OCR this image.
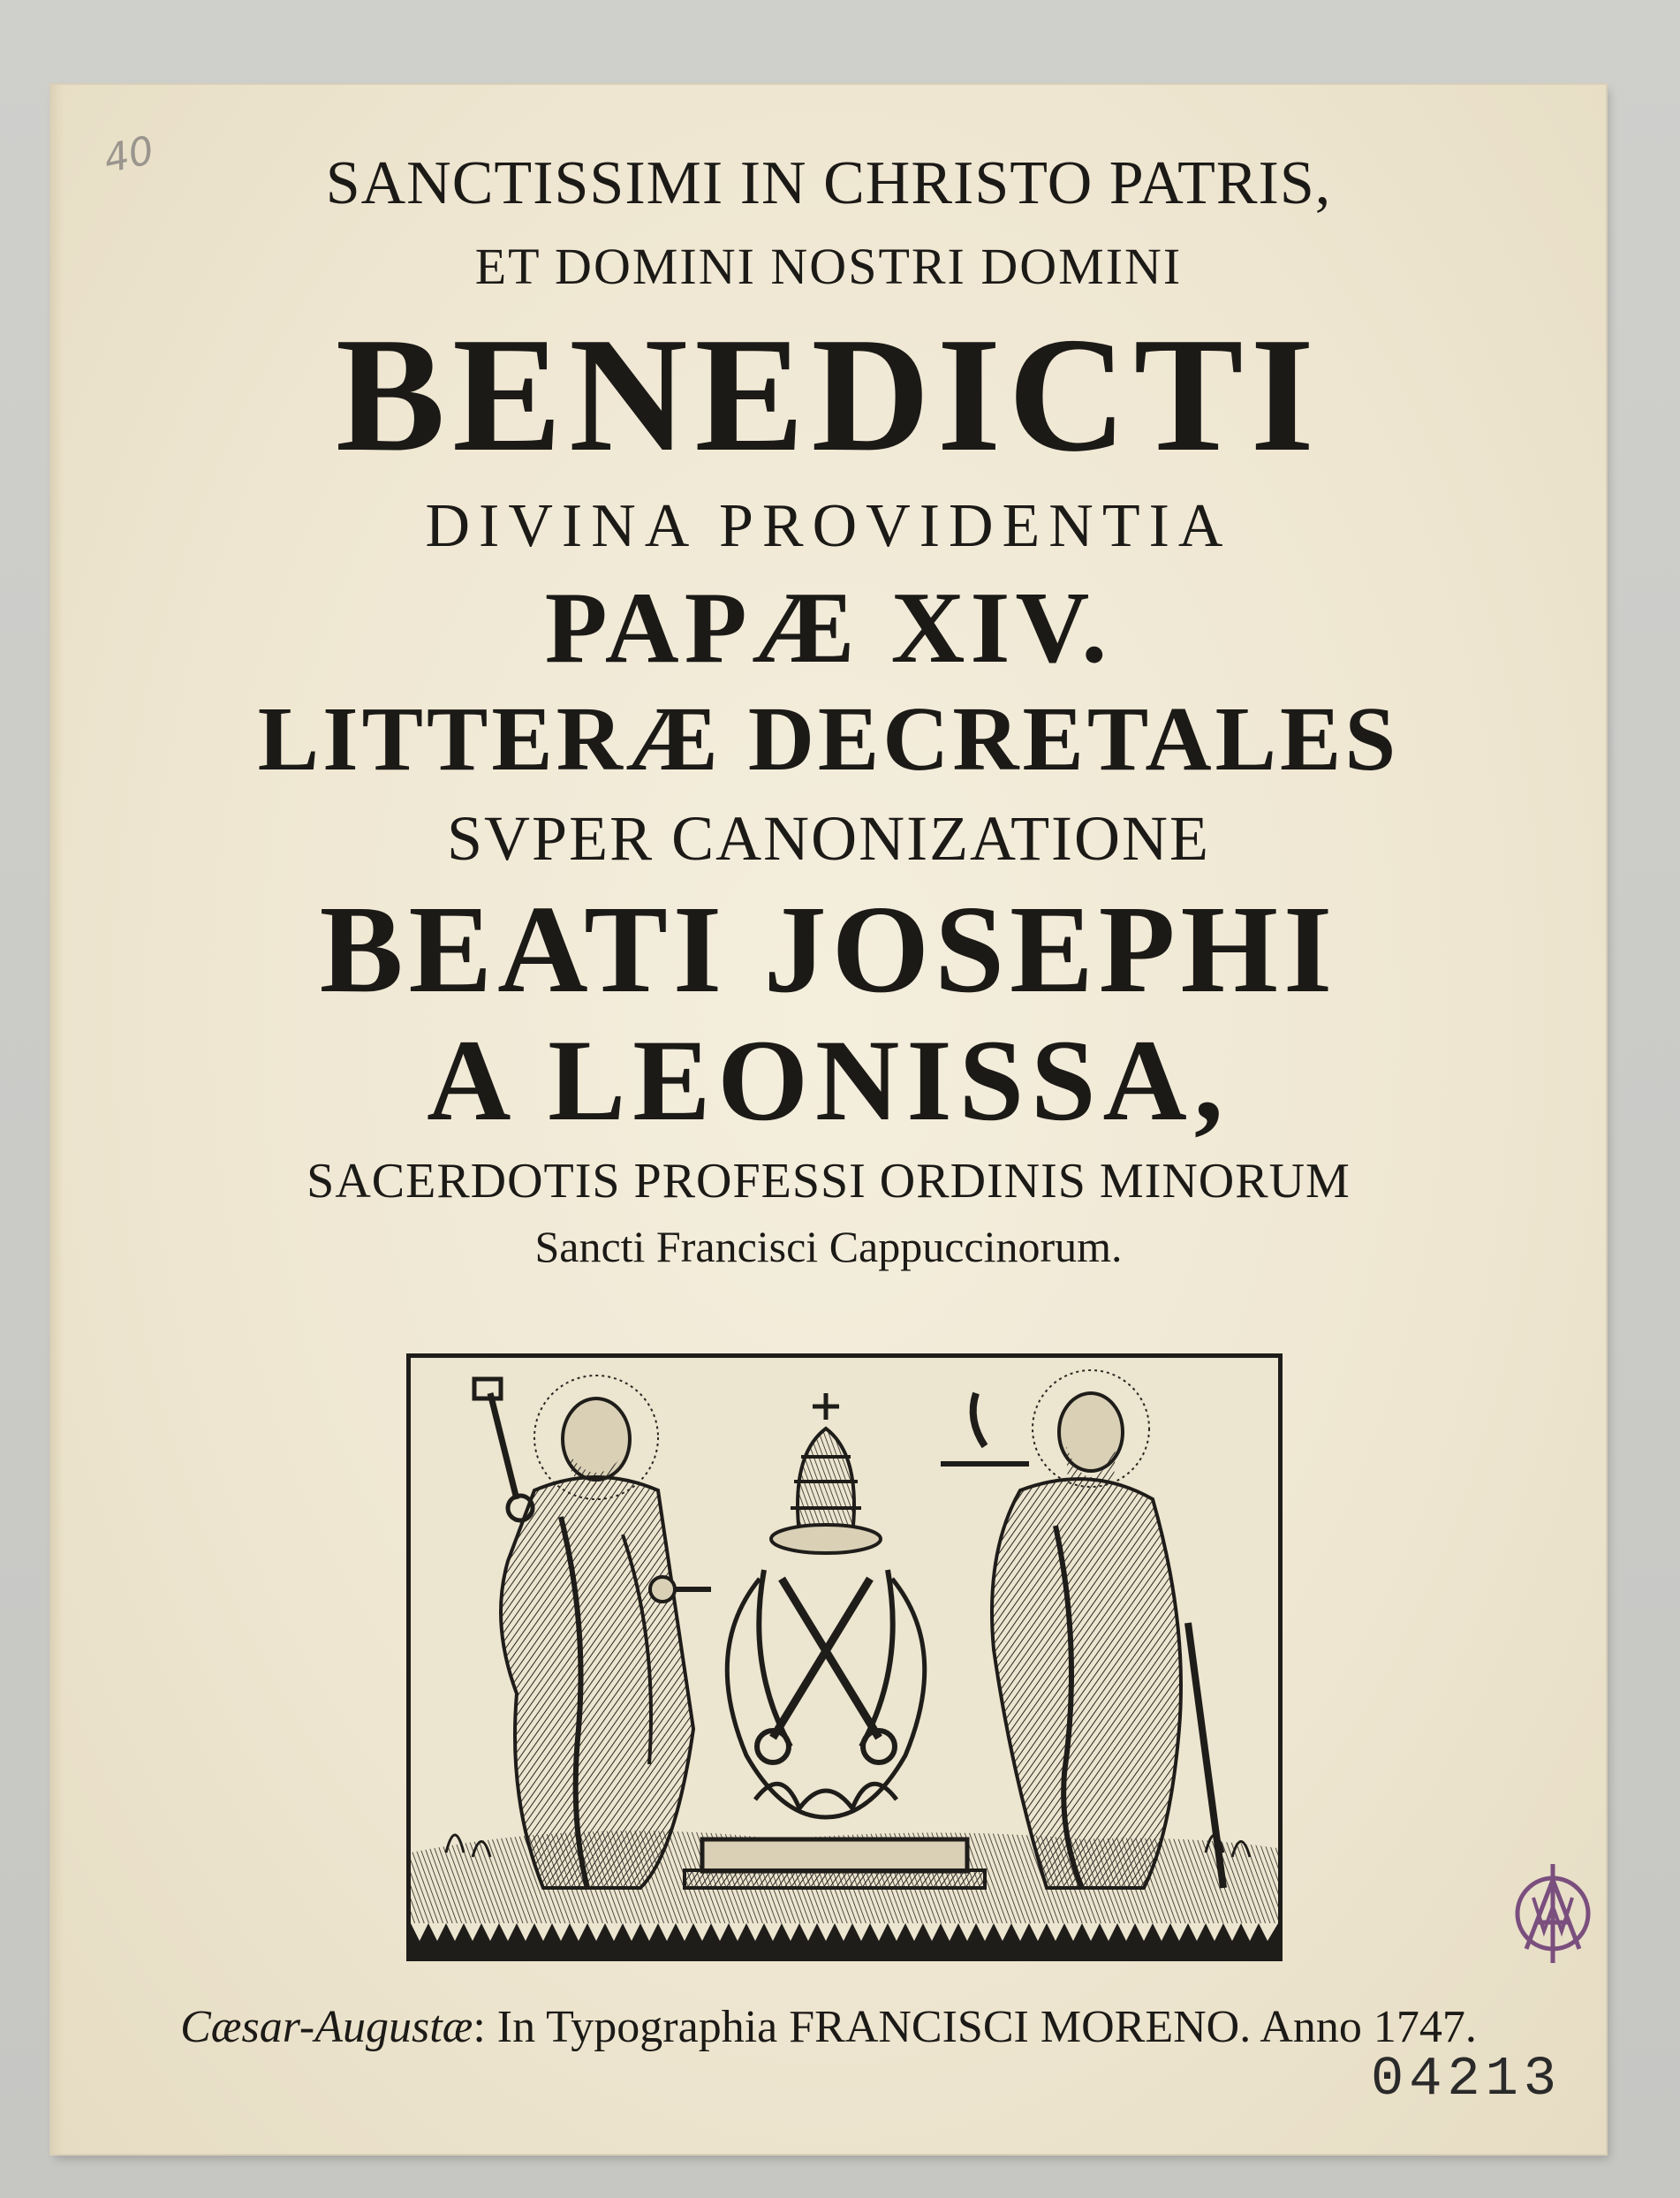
40	SANCTISSIMI IN CHRISTO PATRIS,
ET DOMINI NOSTRI DOMINI
BENEDICTI
DIVINA PROVIDENTIA
PAPÆ XIV.
LITTERÆ DECRETALES
SVPER CANONIZATIONE
BEATI JOSEPHI
A LEONISSA,
SACERDOTIS PROFESSI ORDINIS MINORUM
Sancti Francisci Cappuccinorum.
Cæsar-Augustæ: In Typographia FRANCISCI MORENO. Anno 1747.
04213
